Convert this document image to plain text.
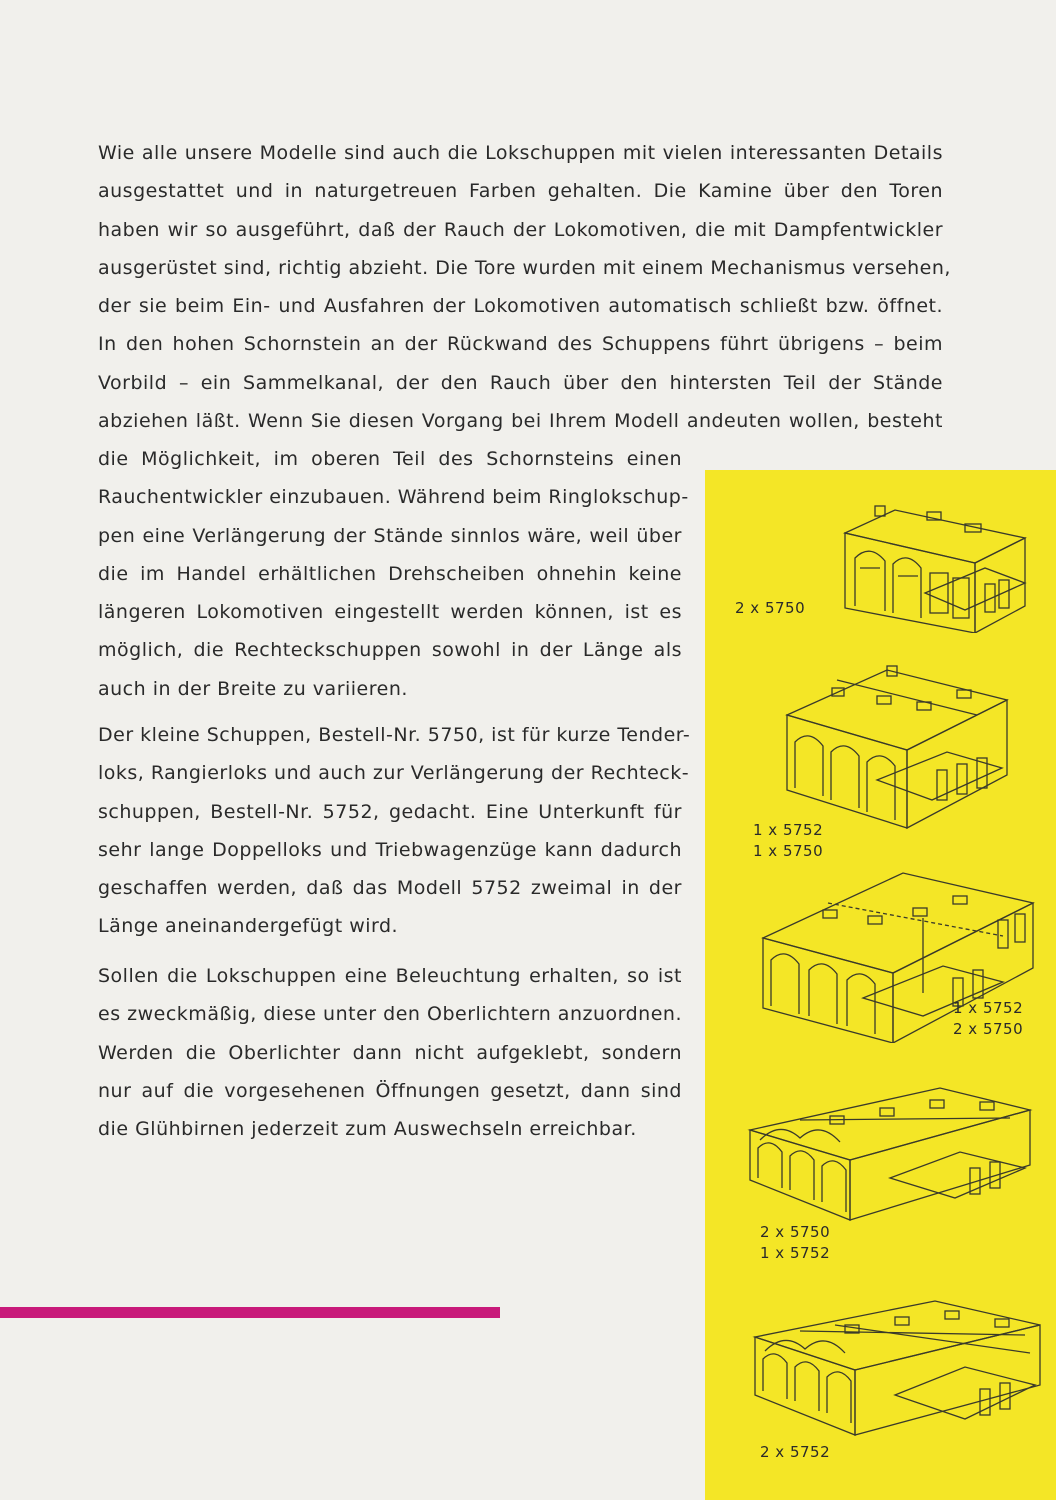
Wie alle unsere Modelle sind auch die Lokschuppen mit vielen interessanten Details
ausgestattet und in naturgetreuen Farben gehalten. Die Kamine über den Toren
haben wir so ausgeführt, daß der Rauch der Lokomotiven, die mit Dampfentwickler
ausgerüstet sind, richtig abzieht. Die Tore wurden mit einem Mechanismus versehen,
der sie beim Ein- und Ausfahren der Lokomotiven automatisch schließt bzw. öffnet.
In den hohen Schornstein an der Rückwand des Schuppens führt übrigens – beim
Vorbild – ein Sammelkanal, der den Rauch über den hintersten Teil der Stände
abziehen läßt. Wenn Sie diesen Vorgang bei Ihrem Modell andeuten wollen, besteht
die Möglichkeit, im oberen Teil des Schornsteins einen
Rauchentwickler einzubauen. Während beim Ringlokschup-
pen eine Verlängerung der Stände sinnlos wäre, weil über
die im Handel erhältlichen Drehscheiben ohnehin keine
längeren Lokomotiven eingestellt werden können, ist es
möglich, die Rechteckschuppen sowohl in der Länge als
auch in der Breite zu variieren.
Der kleine Schuppen, Bestell-Nr. 5750, ist für kurze Tender-
loks, Rangierloks und auch zur Verlängerung der Rechteck-
schuppen, Bestell-Nr. 5752, gedacht. Eine Unterkunft für
sehr lange Doppelloks und Triebwagenzüge kann dadurch
geschaffen werden, daß das Modell 5752 zweimal in der
Länge aneinandergefügt wird.
Sollen die Lokschuppen eine Beleuchtung erhalten, so ist
es zweckmäßig, diese unter den Oberlichtern anzuordnen.
Werden die Oberlichter dann nicht aufgeklebt, sondern
nur auf die vorgesehenen Öffnungen gesetzt, dann sind
die Glühbirnen jederzeit zum Auswechseln erreichbar.
2 x 5750
1 x 5752
1 x 5750
1 x 5752
2 x 5750
2 x 5750
1 x 5752
2 x 5752
